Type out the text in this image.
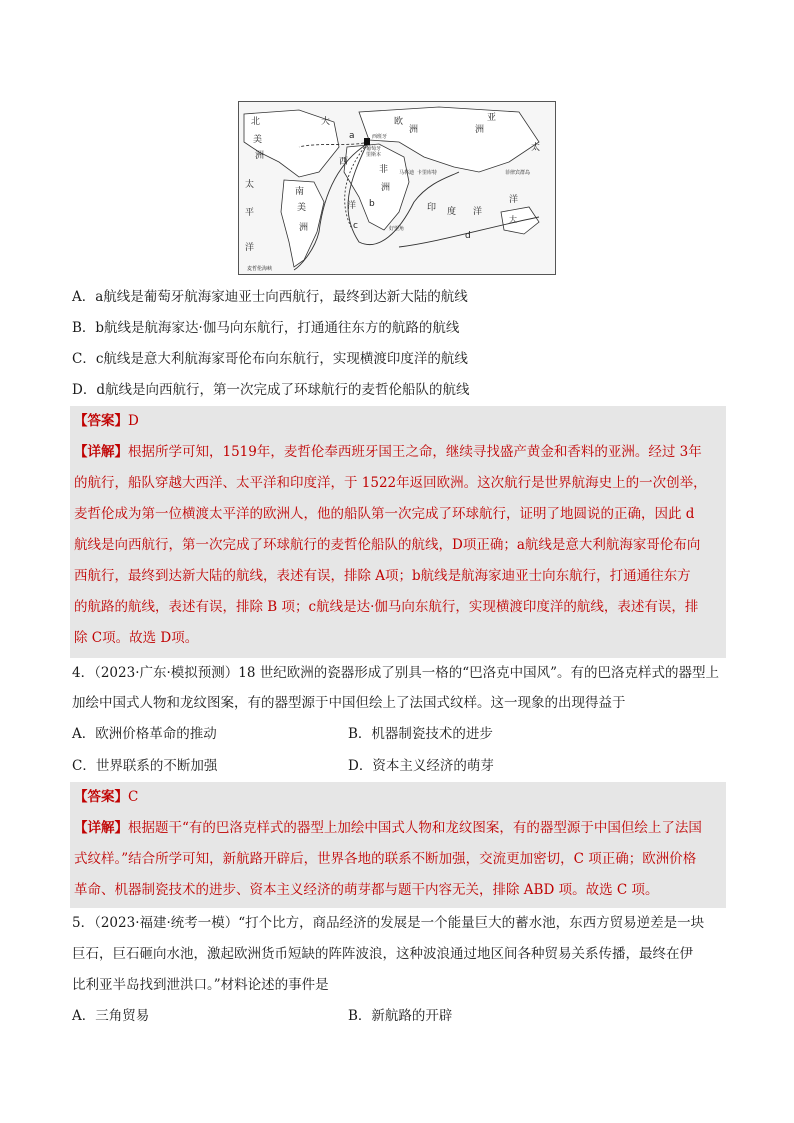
北
美
洲
大	欧	亚
洲	洲
西
太
平
洋
南
美
洲
非
洲
印 度 洋
太
洋
大
洋
西班牙
葡萄牙
里斯本
好望角
马林迪 卡里库特
麦哲伦海峡
菲律宾群岛
a
b
c
d
A．a航线是葡萄牙航海家迪亚士向西航行，最终到达新大陆的航线
B．b航线是航海家达·伽马向东航行，打通通往东方的航路的航线
C．c航线是意大利航海家哥伦布向东航行，实现横渡印度洋的航线
D．d航线是向西航行，第一次完成了环球航行的麦哲伦船队的航线
【答案】D
【详解】根据所学可知，1519年，麦哲伦奉西班牙国王之命，继续寻找盛产黄金和香料的亚洲。经过 3年
的航行，船队穿越大西洋、太平洋和印度洋，于 1522年返回欧洲。这次航行是世界航海史上的一次创举，
麦哲伦成为第一位横渡太平洋的欧洲人，他的船队第一次完成了环球航行，证明了地圆说的正确，因此 d
航线是向西航行，第一次完成了环球航行的麦哲伦船队的航线，D项正确；a航线是意大利航海家哥伦布向
西航行，最终到达新大陆的航线，表述有误，排除 A项；b航线是航海家迪亚士向东航行，打通通往东方
的航路的航线，表述有误，排除 B 项；c航线是达·伽马向东航行，实现横渡印度洋的航线，表述有误，排
除 C项。故选 D项。
4．（2023·广东·模拟预测）18 世纪欧洲的瓷器形成了别具一格的“巴洛克中国风”。有的巴洛克样式的器型上
加绘中国式人物和龙纹图案，有的器型源于中国但绘上了法国式纹样。这一现象的出现得益于
A．欧洲价格革命的推动	B．机器制瓷技术的进步
C．世界联系的不断加强	D．资本主义经济的萌芽
【答案】C
【详解】根据题干“有的巴洛克样式的器型上加绘中国式人物和龙纹图案，有的器型源于中国但绘上了法国
式纹样。”结合所学可知，新航路开辟后，世界各地的联系不断加强，交流更加密切，C 项正确；欧洲价格
革命、机器制瓷技术的进步、资本主义经济的萌芽都与题干内容无关，排除 ABD 项。故选 C 项。
5．（2023·福建·统考一模）“打个比方，商品经济的发展是一个能量巨大的蓄水池，东西方贸易逆差是一块
巨石，巨石砸向水池，激起欧洲货币短缺的阵阵波浪，这种波浪通过地区间各种贸易关系传播，最终在伊
比利亚半岛找到泄洪口。”材料论述的事件是
A．三角贸易	B．新航路的开辟
